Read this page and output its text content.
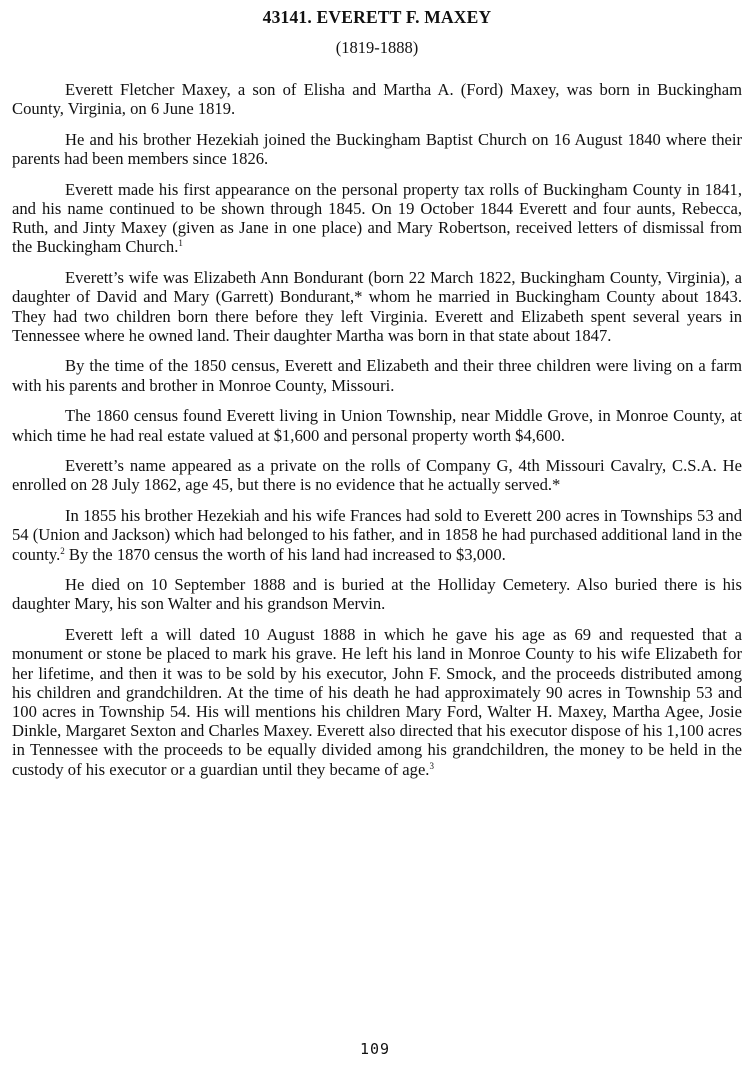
43141. EVERETT F. MAXEY
(1819-1888)

Everett Fletcher Maxey, a son of Elisha and Martha A. (Ford) Maxey, was born in Buckingham County, Virginia, on 6 June 1819.

He and his brother Hezekiah joined the Buckingham Baptist Church on 16 August 1840 where their parents had been members since 1826.

Everett made his first appearance on the personal property tax rolls of Buckingham County in 1841, and his name continued to be shown through 1845. On 19 October 1844 Everett and four aunts, Rebecca, Ruth, and Jinty Maxey (given as Jane in one place) and Mary Robertson, received letters of dismissal from the Buckingham Church.$^1$

Everett’s wife was Elizabeth Ann Bondurant (born 22 March 1822, Buckingham County, Virginia), a daughter of David and Mary (Garrett) Bondurant,* whom he married in Buckingham County about 1843. They had two children born there before they left Virginia. Everett and Elizabeth spent several years in Tennessee where he owned land. Their daughter Martha was born in that state about 1847.

By the time of the 1850 census, Everett and Elizabeth and their three children were living on a farm with his parents and brother in Monroe County, Missouri.

The 1860 census found Everett living in Union Township, near Middle Grove, in Monroe County, at which time he had real estate valued at $1,600 and personal property worth $4,600.

Everett’s name appeared as a private on the rolls of Company G, 4th Missouri Cavalry, C.S.A. He enrolled on 28 July 1862, age 45, but there is no evidence that he actually served.*

In 1855 his brother Hezekiah and his wife Frances had sold to Everett 200 acres in Townships 53 and 54 (Union and Jackson) which had belonged to his father, and in 1858 he had purchased additional land in the county.$^2$ By the 1870 census the worth of his land had increased to $3,000.

He died on 10 September 1888 and is buried at the Holliday Cemetery. Also buried there is his daughter Mary, his son Walter and his grandson Mervin.

Everett left a will dated 10 August 1888 in which he gave his age as 69 and requested that a monument or stone be placed to mark his grave. He left his land in Monroe County to his wife Elizabeth for her lifetime, and then it was to be sold by his executor, John F. Smock, and the proceeds distributed among his children and grandchildren. At the time of his death he had approximately 90 acres in Township 53 and 100 acres in Township 54. His will mentions his children Mary Ford, Walter H. Maxey, Martha Agee, Josie Dinkle, Margaret Sexton and Charles Maxey. Everett also directed that his executor dispose of his 1,100 acres in Tennessee with the proceeds to be equally divided among his grandchildren, the money to be held in the custody of his executor or a guardian until they became of age.$^3$

109
